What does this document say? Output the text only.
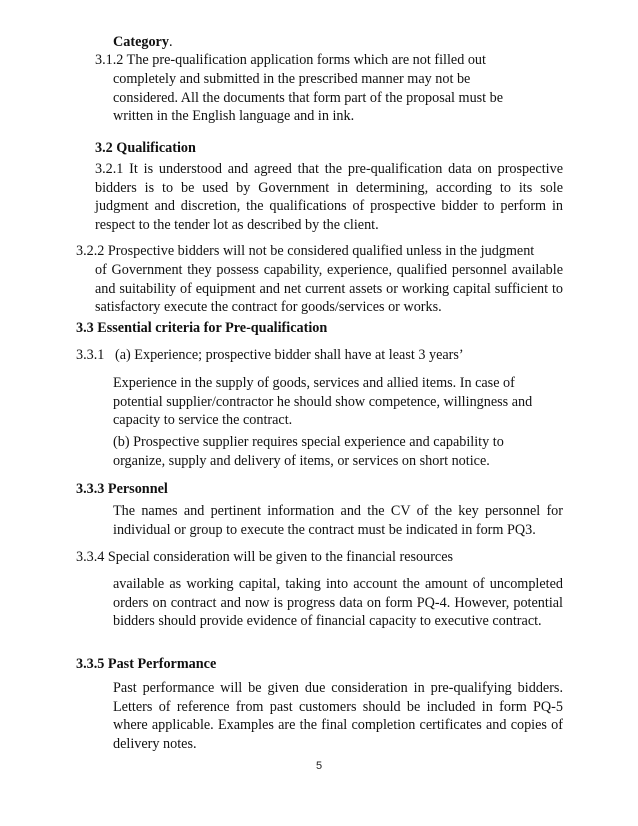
Category.

3.1.2 The pre-qualification application forms which are not filled out

completely and submitted in the prescribed manner may not be considered. All the documents that form part of the proposal must be written in the English language and in ink.

3.2 Qualification

3.2.1 It is understood and agreed that the pre-qualification data on prospective bidders is to be used by Government in determining, according to its sole judgment and discretion, the qualifications of prospective bidder to perform in respect to the tender lot as described by the client.

3.2.2 Prospective bidders will not be considered qualified unless in the judgment

of Government they possess capability, experience, qualified personnel available and suitability of equipment and net current assets or working capital sufficient to satisfactory execute the contract for goods/services or works.

3.3 Essential criteria for Pre-qualification

3.3.1   (a) Experience; prospective bidder shall have at least 3 years’

Experience in the supply of goods, services and allied items. In case of potential supplier/contractor he should show competence, willingness and capacity to service the contract.

(b) Prospective supplier requires special experience and capability to organize, supply and delivery of items, or services on short notice.

3.3.3 Personnel

The names and pertinent information and the CV of the key personnel for individual or group to execute the contract must be indicated in form PQ3.

3.3.4 Special consideration will be given to the financial resources

available as working capital, taking into account the amount of uncompleted orders on contract and now is progress data on form PQ-4. However, potential bidders should provide evidence of financial capacity to executive contract.

3.3.5 Past Performance

Past performance will be given due consideration in pre-qualifying bidders. Letters of reference from past customers should be included in form PQ-5 where applicable. Examples are the final completion certificates and copies of delivery notes.

5
